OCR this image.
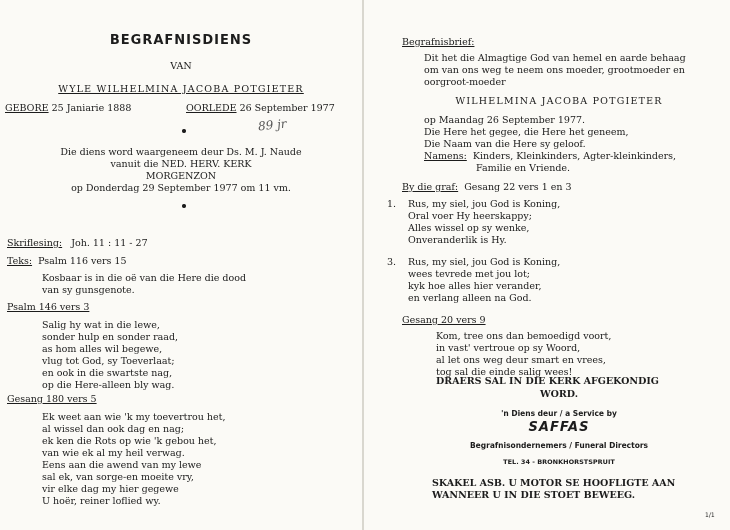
BEGRAFNISDIENS
VAN
WYLE WILHELMINA JACOBA POTGIETER
GEBORE 25 Janiarie 1888	OORLEDE 26 September 1977
89 jr
Die diens word waargeneem deur Ds. M. J. Naude
vanuit die NED. HERV. KERK
MORGENZON
op Donderdag 29 September 1977 om 11 vm.
Skriflesing: Joh. 11 : 11 - 27
Teks: Psalm 116 vers 15
Kosbaar is in die oë van die Here die dood
van sy gunsgenote.
Psalm 146 vers 3
Salig hy wat in die lewe,
sonder hulp en sonder raad,
as hom alles wil begewe,
vlug tot God, sy Toeverlaat;
en ook in die swartste nag,
op die Here-alleen bly wag.
Gesang 180 vers 5
Ek weet aan wie 'k my toevertrou het,
al wissel dan ook dag en nag;
ek ken die Rots op wie 'k gebou het,
van wie ek al my heil verwag.
Eens aan die awend van my lewe
sal ek, van sorge-en moeite vry,
vir elke dag my hier gegewe
U hoër, reiner loflied wy.
Begrafnisbrief:
Dit het die Almagtige God van hemel en aarde behaag
om van ons weg te neem ons moeder, grootmoeder en
oorgroot-moeder
WILHELMINA JACOBA POTGIETER
op Maandag 26 September 1977.
Die Here het gegee, die Here het geneem,
Die Naam van die Here sy geloof.
Namens: Kinders, Kleinkinders, Agter-kleinkinders,
Familie en Vriende.
By die graf: Gesang 22 vers 1 en 3
1. Rus, my siel, jou God is Koning,
Oral voer Hy heerskappy;
Alles wissel op sy wenke,
Onveranderlik is Hy.
3. Rus, my siel, jou God is Koning,
wees tevrede met jou lot;
kyk hoe alles hier verander,
en verlang alleen na God.
Gesang 20 vers 9
Kom, tree ons dan bemoedigd voort,
in vast' vertroue op sy Woord,
al let ons weg deur smart en vrees,
tog sal die einde salig wees!
DRAERS SAL IN DIE KERK AFGEKONDIG
WORD.
'n Diens deur / a Service by
SAFFAS
Begrafnisondernemers / Funeral Directors
TEL. 34 - BRONKHORSTSPRUIT
SKAKEL ASB. U MOTOR SE HOOFLIGTE AAN
WANNEER U IN DIE STOET BEWEEG.
1/1
